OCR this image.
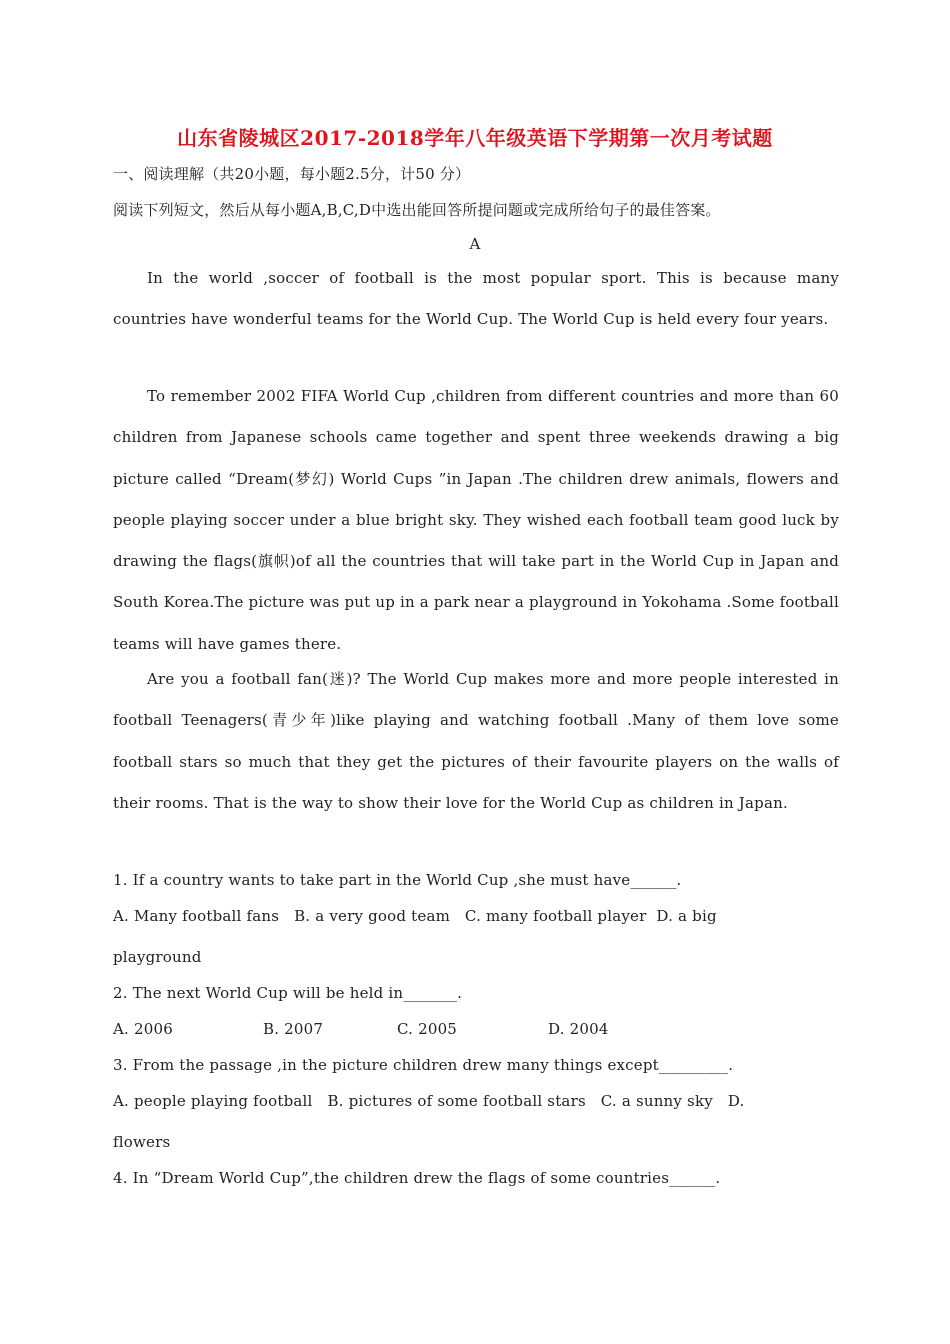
山东省陵城区2017-2018学年八年级英语下学期第一次月考试题
一、阅读理解（共20小题，每小题2.5分，计50 分）
阅读下列短文，然后从每小题A,B,C,D中选出能回答所提问题或完成所给句子的最佳答案。
A

In the world ,soccer of football is the most popular sport. This is because many countries have wonderful teams for the World Cup. The World Cup is held every four years.

To remember 2002 FIFA World Cup ,children from different countries and more than 60 children from Japanese schools came together and spent three weekends drawing a big picture called “Dream(梦幻) World Cups ”in Japan .The children drew animals, flowers and people playing soccer under a blue bright sky. They wished each football team good luck by drawing the flags(旗帜)of all the countries that will take part in the World Cup in Japan and South Korea.The picture was put up in a park near a playground in Yokohama .Some football teams will have games there.

Are you a football fan(迷)? The World Cup makes more and more people interested in football Teenagers(青少年)like playing and watching football .Many of them love some football stars so much that they get the pictures of their favourite players on the walls of their rooms. That is the way to show their love for the World Cup as children in Japan.

1. If a country wants to take part in the World Cup ,she must have______.
A. Many football fans   B. a very good team   C. many football player  D. a big
playground
2. The next World Cup will be held in_______.
A. 2006	B. 2007	C. 2005	D. 2004
3. From the passage ,in the picture children drew many things except_________.
A. people playing football   B. pictures of some football stars   C. a sunny sky   D.
flowers
4. In “Dream World Cup”,the children drew the flags of some countries______.
